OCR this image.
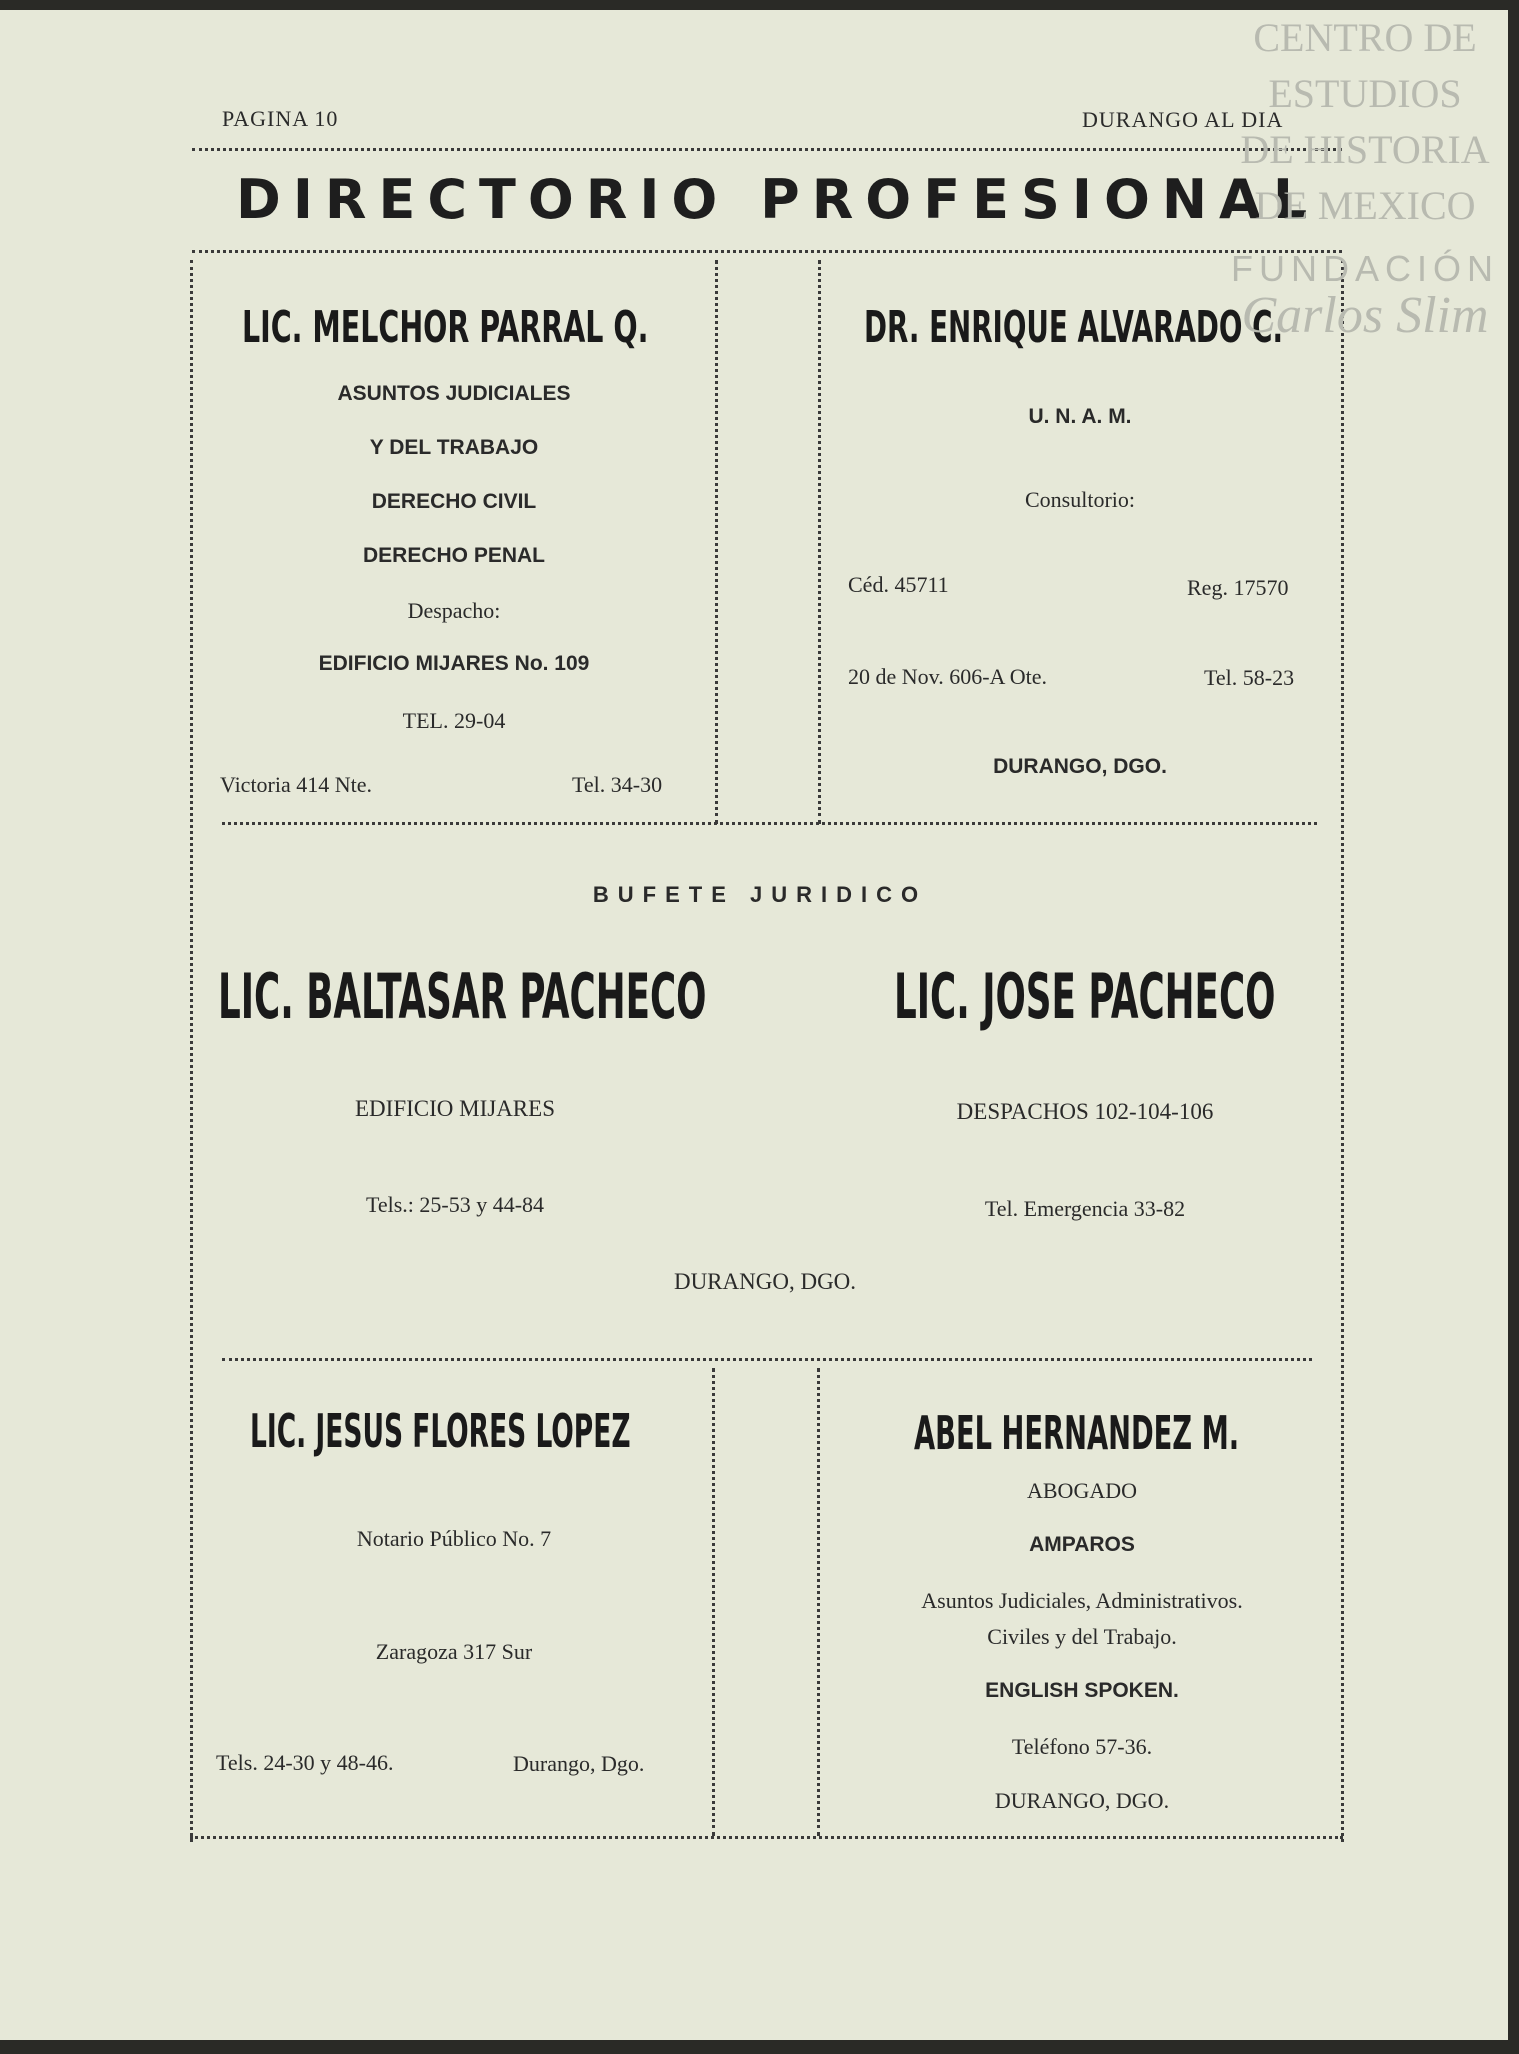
PAGINA 10	DURANGO AL DIA
DIRECTORIO PROFESIONAL
LIC. MELCHOR PARRAL Q.
ASUNTOS JUDICIALES
Y DEL TRABAJO
DERECHO CIVIL
DERECHO PENAL
Despacho:
EDIFICIO MIJARES No. 109
TEL. 29-04
Victoria 414 Nte.	Tel. 34-30
DR. ENRIQUE ALVARADO C.
U. N. A. M.
Consultorio:
Céd. 45711	Reg. 17570
20 de Nov. 606-A Ote.	Tel. 58-23
DURANGO, DGO.
BUFETE JURIDICO
LIC. BALTASAR PACHECO	LIC. JOSE PACHECO
EDIFICIO MIJARES	DESPACHOS 102-104-106
Tels.: 25-53 y 44-84	Tel. Emergencia 33-82
DURANGO, DGO.
LIC. JESUS FLORES LOPEZ
Notario Público No. 7
Zaragoza 317 Sur
Tels. 24-30 y 48-46.	Durango, Dgo.
ABEL HERNANDEZ M.
ABOGADO
AMPAROS
Asuntos Judiciales, Administrativos.
Civiles y del Trabajo.
ENGLISH SPOKEN.
Teléfono 57-36.
DURANGO, DGO.
CENTRO DE
ESTUDIOS
DE HISTORIA
DE MEXICO
FUNDACIÓN
Carlos Slim
